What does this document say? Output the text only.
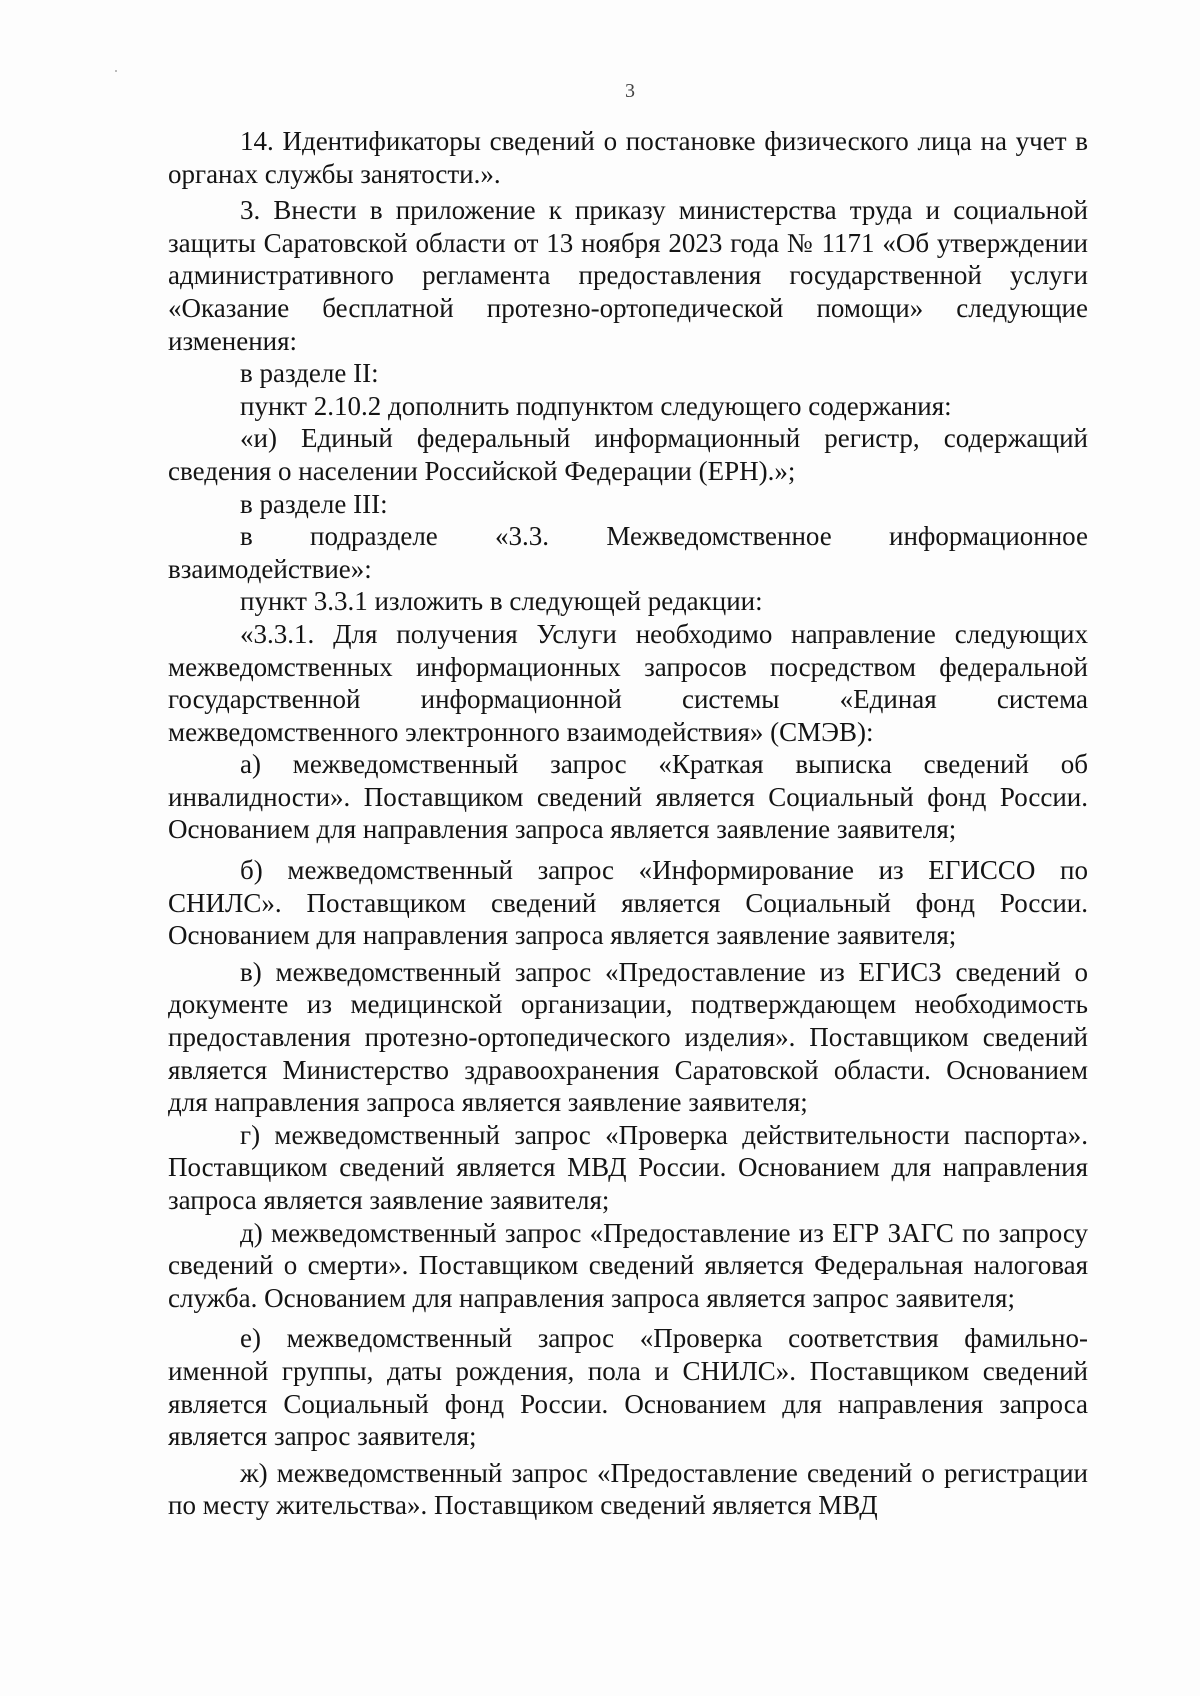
3

14. Идентификаторы сведений о постановке физического лица на учет в органах службы занятости.».

3. Внести в приложение к приказу министерства труда и социальной защиты Саратовской области от 13 ноября 2023 года № 1171 «Об утверждении административного регламента предоставления государственной услуги «Оказание бесплатной протезно-ортопедической помощи» следующие изменения:

в разделе II:

пункт 2.10.2 дополнить подпунктом следующего содержания:

«и) Единый федеральный информационный регистр, содержащий сведения о населении Российской Федерации (ЕРН).»;

в разделе III:

в подразделе «3.3. Межведомственное информационное взаимодействие»:

пункт 3.3.1 изложить в следующей редакции:

«3.3.1. Для получения Услуги необходимо направление следующих межведомственных информационных запросов посредством федеральной государственной информационной системы «Единая система межведомственного электронного взаимодействия» (СМЭВ):

а) межведомственный запрос «Краткая выписка сведений об инвалидности». Поставщиком сведений является Социальный фонд России. Основанием для направления запроса является заявление заявителя;

б) межведомственный запрос «Информирование из ЕГИССО по СНИЛС». Поставщиком сведений является Социальный фонд России. Основанием для направления запроса является заявление заявителя;

в) межведомственный запрос «Предоставление из ЕГИСЗ сведений о документе из медицинской организации, подтверждающем необходимость предоставления протезно-ортопедического изделия». Поставщиком сведений является Министерство здравоохранения Саратовской области. Основанием для направления запроса является заявление заявителя;

г) межведомственный запрос «Проверка действительности паспорта». Поставщиком сведений является МВД России. Основанием для направления запроса является заявление заявителя;

д) межведомственный запрос «Предоставление из ЕГР ЗАГС по запросу сведений о смерти». Поставщиком сведений является Федеральная налоговая служба. Основанием для направления запроса является запрос заявителя;

е) межведомственный запрос «Проверка соответствия фамильно-именной группы, даты рождения, пола и СНИЛС». Поставщиком сведений является Социальный фонд России. Основанием для направления запроса является запрос заявителя;

ж) межведомственный запрос «Предоставление сведений о регистрации по месту жительства». Поставщиком сведений является МВД
